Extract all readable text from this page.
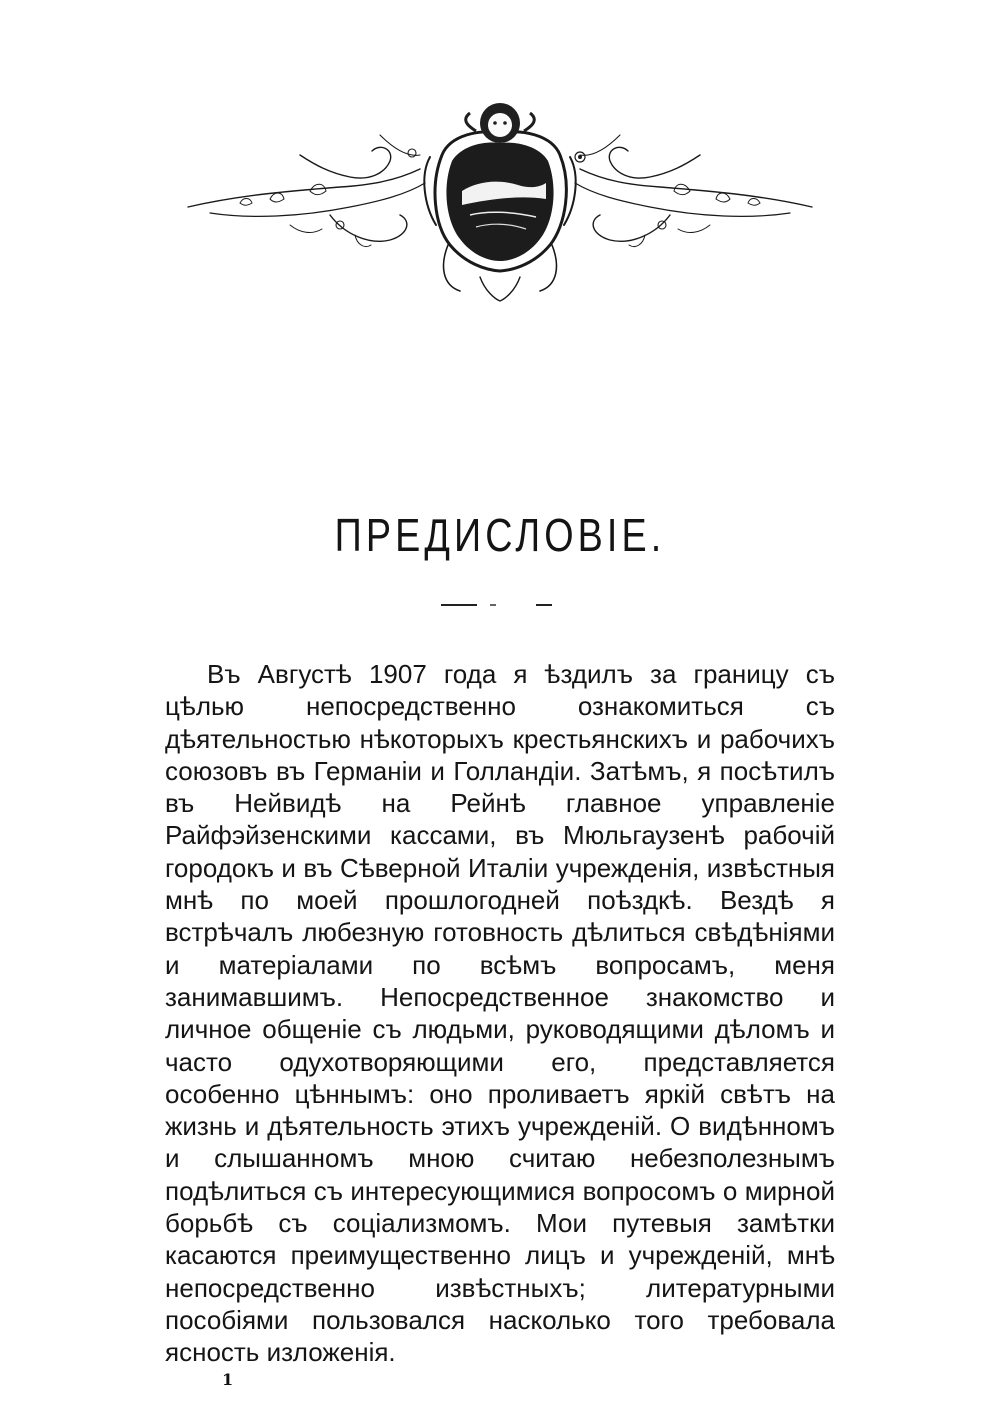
ПРЕДИСЛОВІЕ.

Въ Августѣ 1907 года я ѣздилъ за границу съ цѣлью непосредственно ознакомиться съ дѣятельностью нѣкоторыхъ крестьянскихъ и рабочихъ союзовъ въ Германіи и Голландіи. Затѣмъ, я посѣтилъ въ Нейвидѣ на Рейнѣ главное управленіе Райфэйзенскими кассами, въ Мюльгаузенѣ рабочій городокъ и въ Сѣверной Италіи учрежденія, извѣстныя мнѣ по моей прошлогодней поѣздкѣ. Вездѣ я встрѣчалъ любезную готовность дѣлиться свѣдѣніями и матеріалами по всѣмъ вопросамъ, меня занимавшимъ. Непосредственное знакомство и личное общеніе съ людьми, руководящими дѣломъ и часто одухотворяющими его, представляется особенно цѣннымъ: оно проливаетъ яркій свѣтъ на жизнь и дѣятельность этихъ учрежденій. О видѣнномъ и слышанномъ мною считаю небезполезнымъ подѣлиться съ интересующимися вопросомъ о мирной борьбѣ съ соціализмомъ. Мои путевыя замѣтки касаются преимущественно лицъ и учрежденій, мнѣ непосредственно извѣстныхъ; литературными пособіями пользовался насколько того требовала ясность изложенія.

1
